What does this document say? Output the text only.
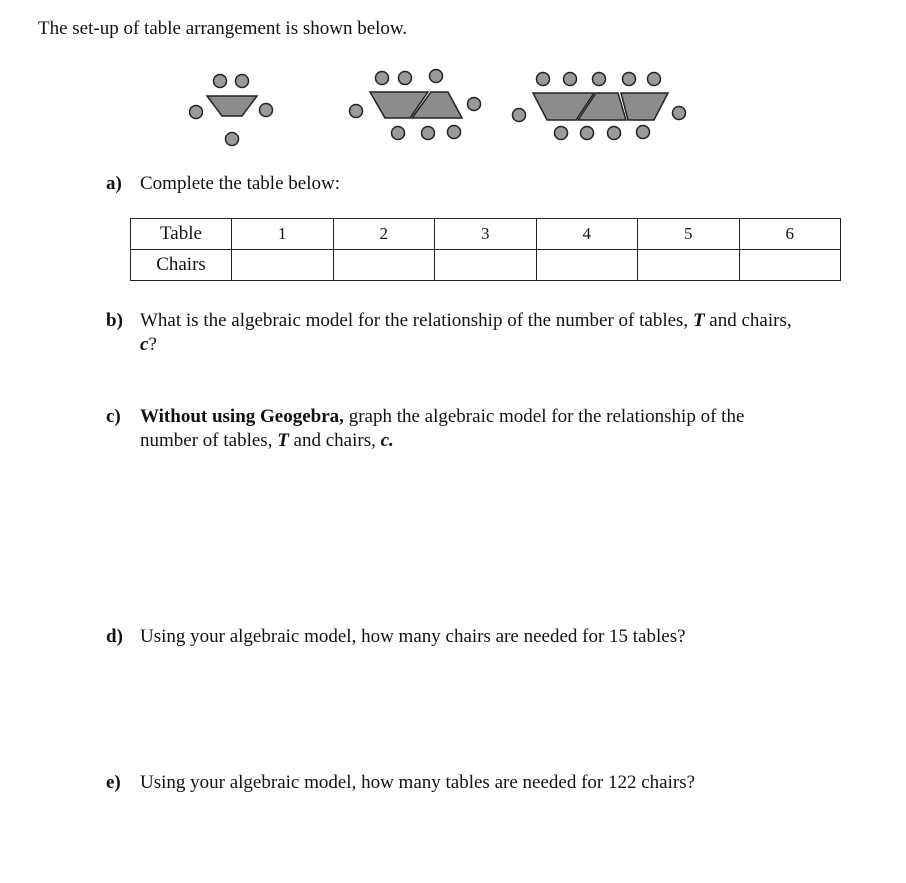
The set-up of table arrangement is shown below.
a) Complete the table below:
Table	1	2	3	4	5	6
Chairs						
b) What is the algebraic model for the relationship of the number of tables, T and chairs,
c?
c) Without using Geogebra, graph the algebraic model for the relationship of the
number of tables, T and chairs, c.
d) Using your algebraic model, how many chairs are needed for 15 tables?
e) Using your algebraic model, how many tables are needed for 122 chairs?
